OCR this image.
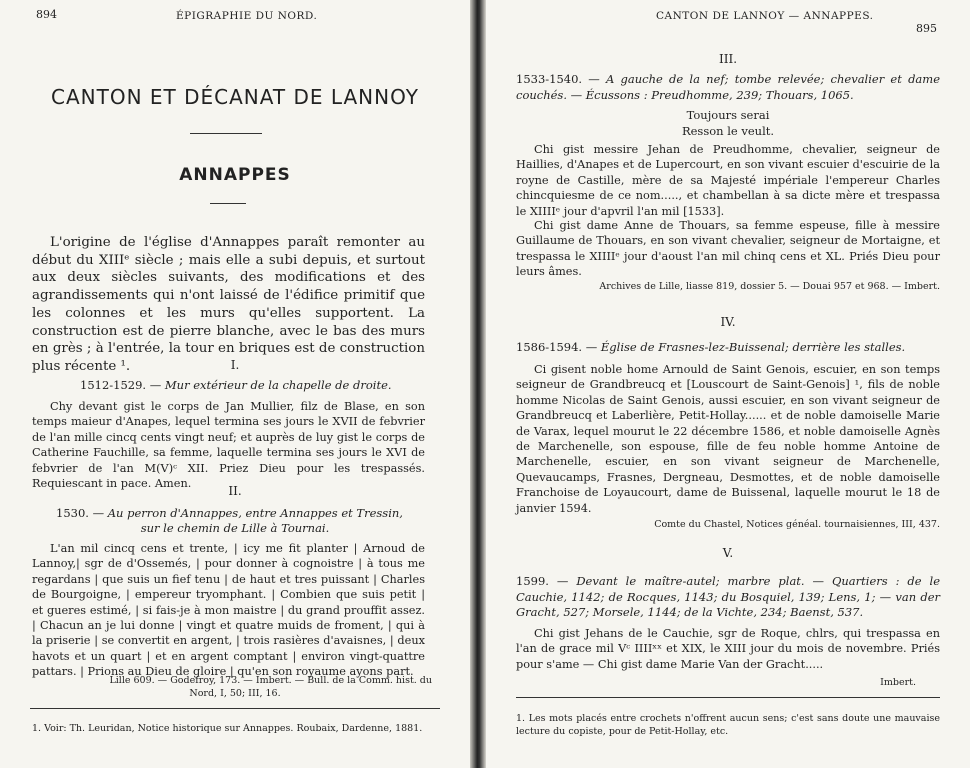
894	ÉPIGRAPHIE DU NORD.
CANTON ET DÉCANAT DE LANNOY
ANNAPPES
L'origine de l'église d'Annappes paraît remonter au début du XIIIᵉ siècle ; mais elle a subi depuis, et surtout aux deux siècles suivants, des modifications et des agrandissements qui n'ont laissé de l'édifice primitif que les colonnes et les murs qu'elles supportent. La construction est de pierre blanche, avec le bas des murs en grès ; à l'entrée, la tour en briques est de construction plus récente ¹.	I.
1512-1529. — Mur extérieur de la chapelle de droite.
Chy devant gist le corps de Jan Mullier, filz de Blase, en son temps maieur d'Anapes, lequel termina ses jours le XVII de febvrier de l'an mille cincq cents vingt neuf; et auprès de luy gist le corps de Catherine Fauchille, sa femme, laquelle termina ses jours le XVI de febvrier de l'an M(V)ᶜ XII. Priez Dieu pour les trespassés. Requiescant in pace. Amen.
II.
1530. — Au perron d'Annappes, entre Annappes et Tressin,
sur le chemin de Lille à Tournai.
L'an mil cincq cens et trente, | icy me fit planter | Arnoud de Lannoy,| sgr de d'Ossemés, | pour donner à cognoistre | à tous me regardans | que suis un fief tenu | de haut et tres puissant | Charles de Bourgoigne, | empereur tryomphant. | Combien que suis petit | et gueres estimé, | si fais-je à mon maistre | du grand prouffit assez. | Chacun an je lui donne | vingt et quatre muids de froment, | qui à la priserie | se convertit en argent, | trois rasières d'avaisnes, | deux havots et un quart | et en argent comptant | environ vingt-quattre pattars. | Prions au Dieu de gloire | qu'en son royaume ayons part.
Lille 609. — Godefroy, 173. — Imbert. — Bull. de la Comm. hist. du
Nord, I, 50; III, 16.
1. Voir: Th. Leuridan, Notice historique sur Annappes. Roubaix, Dardenne, 1881.
CANTON DE LANNOY — ANNAPPES.
895
III.
1533-1540. — A gauche de la nef; tombe relevée; chevalier et dame couchés. — Écussons : Preudhomme, 239; Thouars, 1065.
Toujours serai
Resson le veult.
Chi gist messire Jehan de Preudhomme, chevalier, seigneur de Haillies, d'Anapes et de Lupercourt, en son vivant escuier d'escuirie de la royne de Castille, mère de sa Majesté impériale l'empereur Charles chincquiesme de ce nom....., et chambellan à sa dicte mère et trespassa le XIIIIᵉ jour d'apvril l'an mil [1533].
Chi gist dame Anne de Thouars, sa femme espeuse, fille à messire Guillaume de Thouars, en son vivant chevalier, seigneur de Mortaigne, et trespassa le XIIIIᵉ jour d'aoust l'an mil chinq cens et XL. Priés Dieu pour leurs âmes.
Archives de Lille, liasse 819, dossier 5. — Douai 957 et 968. — Imbert.
IV.
1586-1594. — Église de Frasnes-lez-Buissenal; derrière les stalles.
Ci gisent noble home Arnould de Saint Genois, escuier, en son temps seigneur de Grandbreucq et [Louscourt de Saint-Genois] ¹, fils de noble homme Nicolas de Saint Genois, aussi escuier, en son vivant seigneur de Grandbreucq et Laberlière, Petit-Hollay...... et de noble damoiselle Marie de Varax, lequel mourut le 22 décembre 1586, et noble damoiselle Agnès de Marchenelle, son espouse, fille de feu noble homme Antoine de Marchenelle, escuier, en son vivant seigneur de Marchenelle, Quevaucamps, Frasnes, Dergneau, Desmottes, et de noble damoiselle Franchoise de Loyaucourt, dame de Buissenal, laquelle mourut le 18 de janvier 1594.
Comte du Chastel, Notices généal. tournaisiennes, III, 437.
V.
1599. — Devant le maître-autel; marbre plat. — Quartiers : de le Cauchie, 1142; de Rocques, 1143; du Bosquiel, 139; Lens, 1; — van der Gracht, 527; Morsele, 1144; de la Vichte, 234; Baenst, 537.
Chi gist Jehans de le Cauchie, sgr de Roque, chlrs, qui trespassa en l'an de grace mil Vᶜ IIIIˣˣ et XIX, le XIII jour du mois de novembre. Priés pour s'ame — Chi gist dame Marie Van der Gracht.....
Imbert.
1. Les mots placés entre crochets n'offrent aucun sens; c'est sans doute une mauvaise lecture du copiste, pour de Petit-Hollay, etc.
